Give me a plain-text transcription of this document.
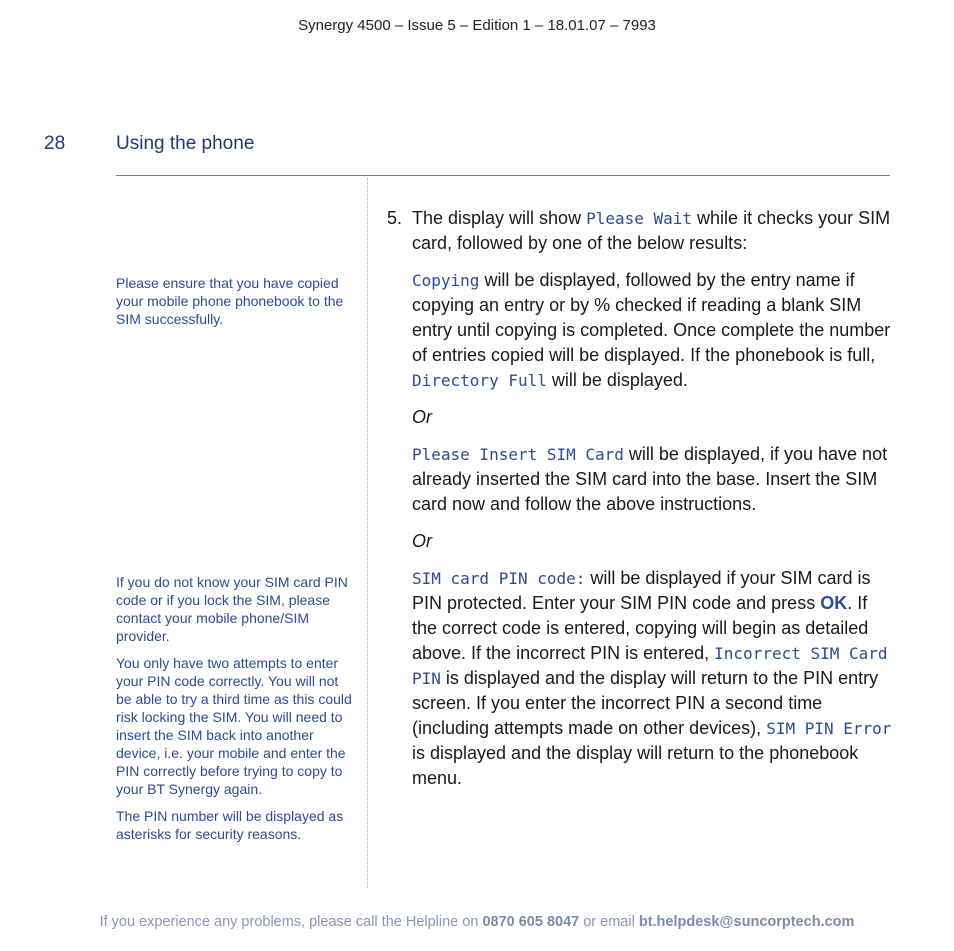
Synergy 4500 – Issue 5 – Edition 1 – 18.01.07 – 7993
28	Using the phone

Please ensure that you have copied your mobile phone phonebook to the SIM successfully.

If you do not know your SIM card PIN code or if you lock the SIM, please contact your mobile phone/SIM provider.

You only have two attempts to enter your PIN code correctly. You will not be able to try a third time as this could risk locking the SIM. You will need to insert the SIM back into another device, i.e. your mobile and enter the PIN correctly before trying to copy to your BT Synergy again.

The PIN number will be displayed as asterisks for security reasons.

5. The display will show Please Wait while it checks your SIM card, followed by one of the below results:
Copying will be displayed, followed by the entry name if copying an entry or by % checked if reading a blank SIM entry until copying is completed. Once complete the number of entries copied will be displayed. If the phonebook is full, Directory Full will be displayed.
Or
Please Insert SIM Card will be displayed, if you have not already inserted the SIM card into the base. Insert the SIM card now and follow the above instructions.
Or
SIM card PIN code: will be displayed if your SIM card is PIN protected. Enter your SIM PIN code and press OK. If the correct code is entered, copying will begin as detailed above. If the incorrect PIN is entered, Incorrect SIM Card PIN is displayed and the display will return to the PIN entry screen. If you enter the incorrect PIN a second time (including attempts made on other devices), SIM PIN Error is displayed and the display will return to the phonebook menu.
If you experience any problems, please call the Helpline on 0870 605 8047 or email bt.helpdesk@suncorptech.com
